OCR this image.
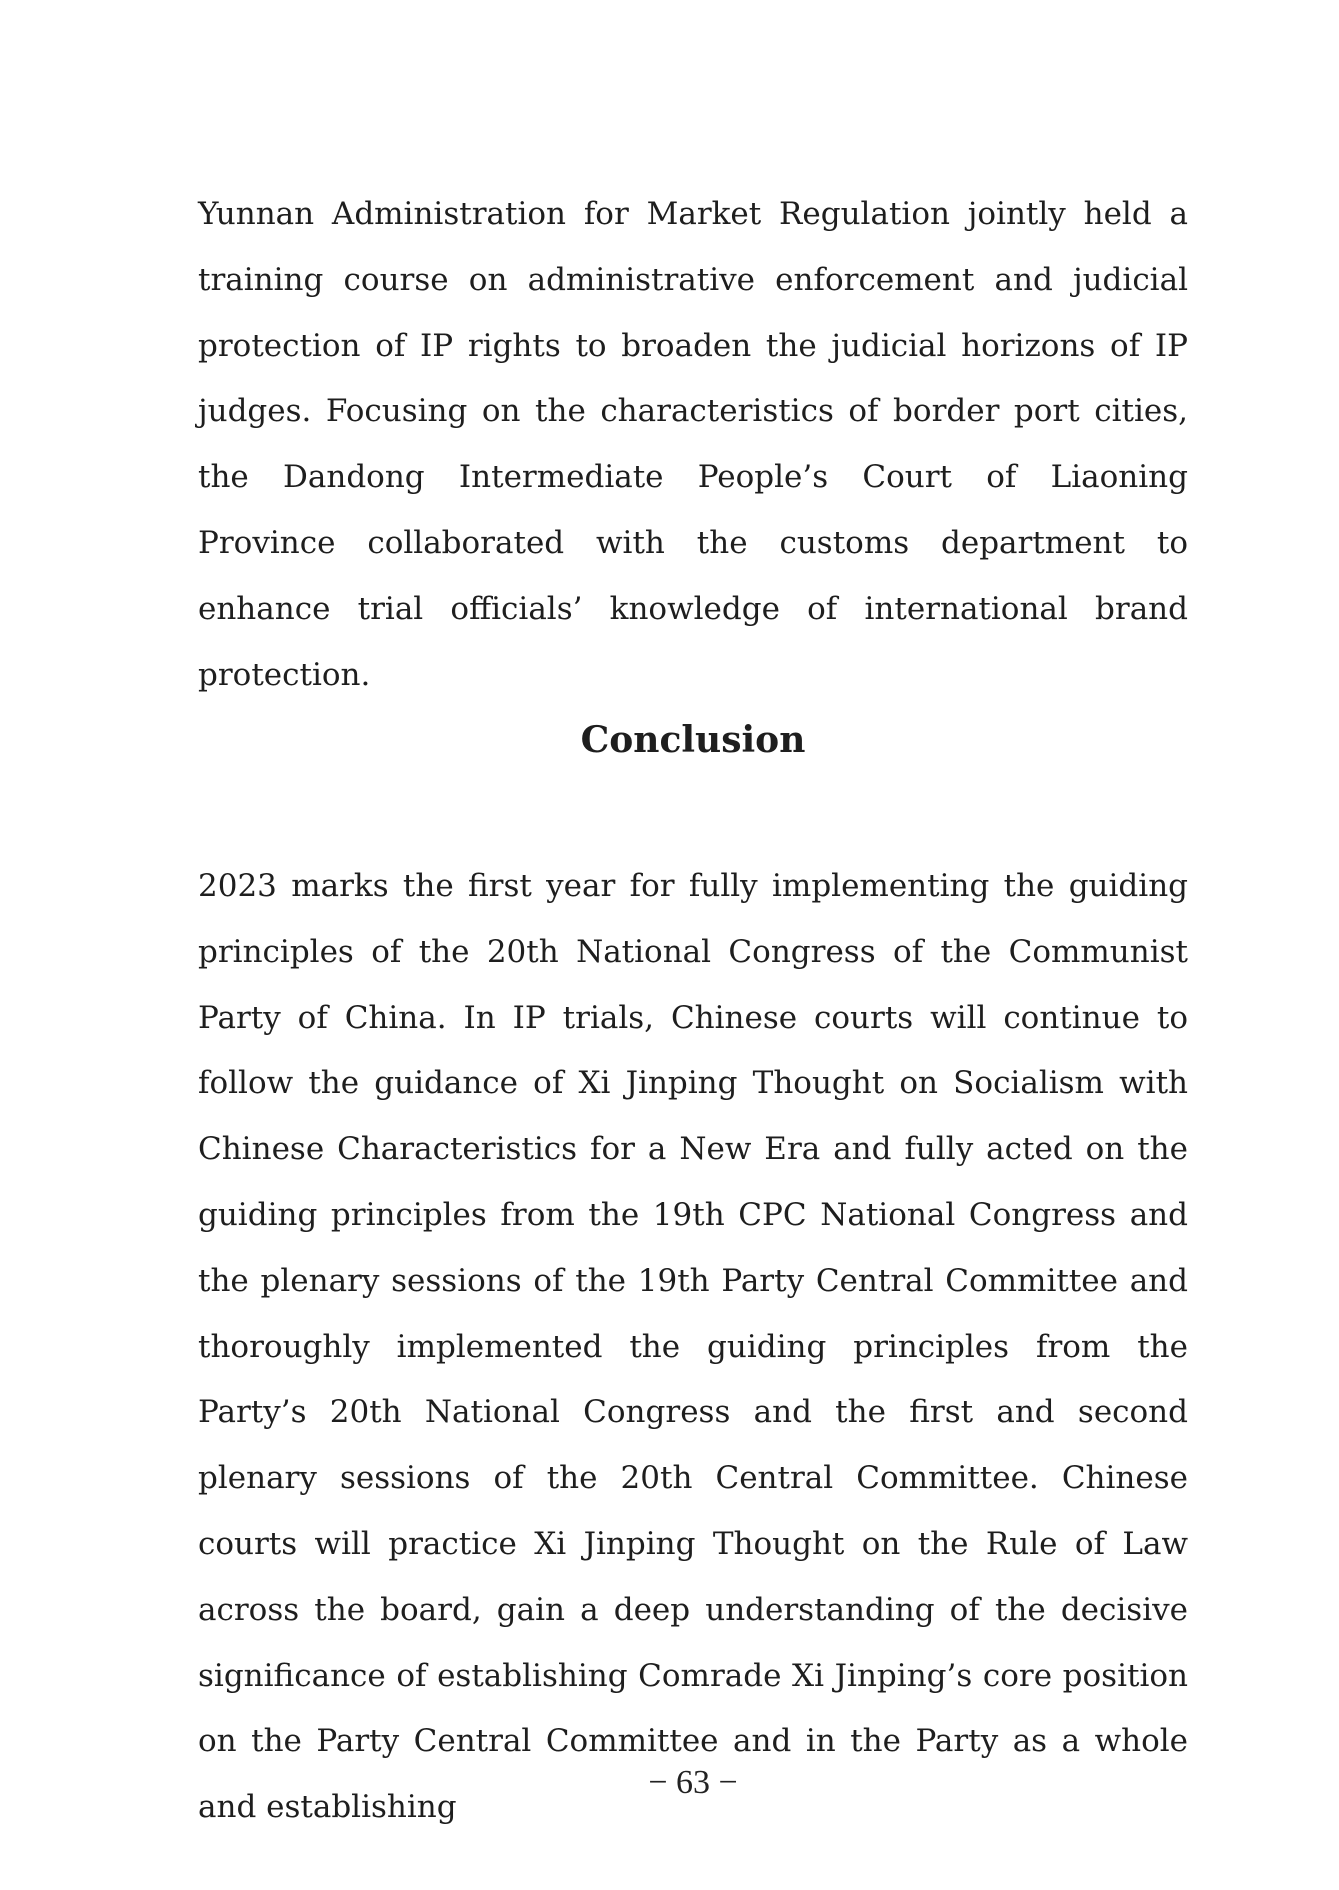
Yunnan Administration for Market Regulation jointly held a training course on administrative enforcement and judicial protection of IP rights to broaden the judicial horizons of IP judges. Focusing on the characteristics of border port cities, the Dandong Intermediate People’s Court of Liaoning Province collaborated with the customs department to enhance trial officials’ knowledge of international brand protection.

Conclusion

2023 marks the first year for fully implementing the guiding principles of the 20th National Congress of the Communist Party of China. In IP trials, Chinese courts will continue to follow the guidance of Xi Jinping Thought on Socialism with Chinese Characteristics for a New Era and fully acted on the guiding principles from the 19th CPC National Congress and the plenary sessions of the 19th Party Central Committee and thoroughly implemented the guiding principles from the Party’s 20th National Congress and the first and second plenary sessions of the 20th Central Committee. Chinese courts will practice Xi Jinping Thought on the Rule of Law across the board, gain a deep understanding of the decisive significance of establishing Comrade Xi Jinping’s core position on the Party Central Committee and in the Party as a whole and establishing

− 63 −
